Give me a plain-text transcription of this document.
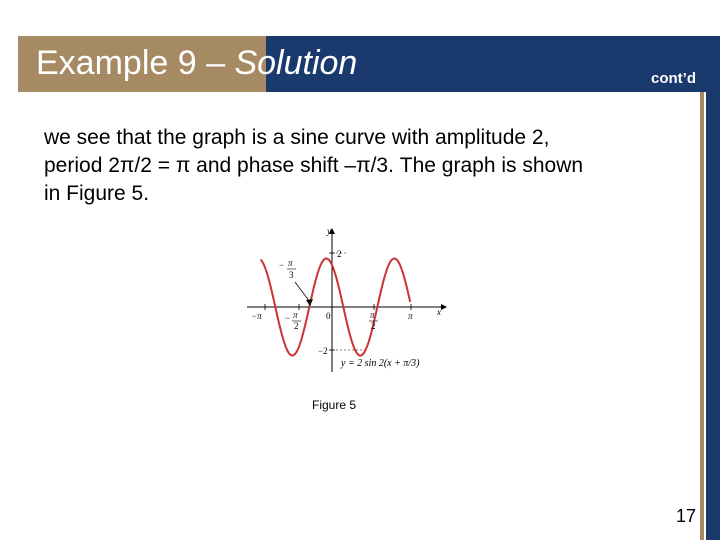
Example 9 – Solution	cont’d

we see that the graph is a sine curve with amplitude 2,

period 2π/2 = π and phase shift –π/3. The graph is shown

in Figure 5.

y
x
2
−2
0
−π	− π
2
π
2
π
− π
3
y = 2 sin 2(x + π/3)
Figure 5
17
